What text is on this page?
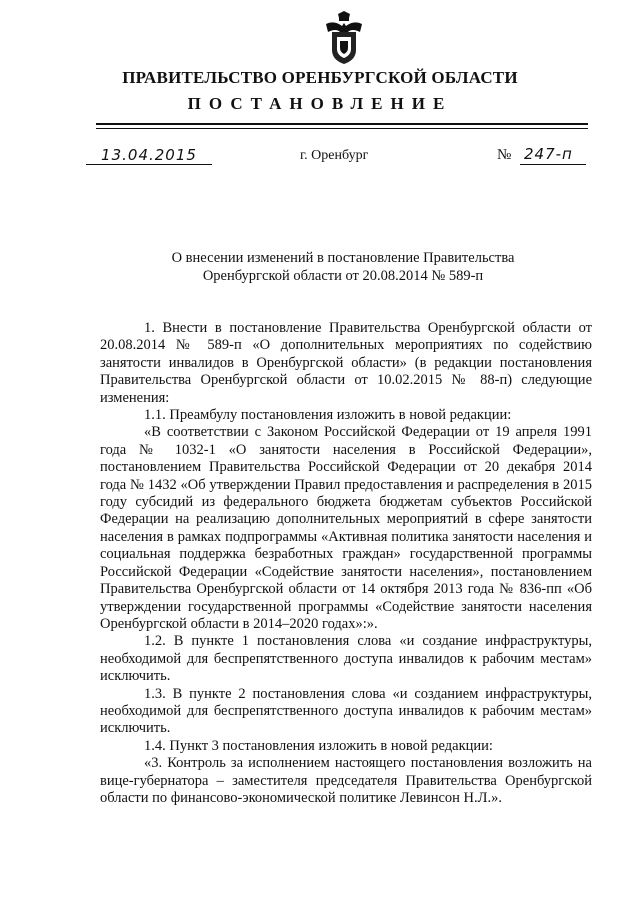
ПРАВИТЕЛЬСТВО ОРЕНБУРГСКОЙ ОБЛАСТИ
ПОСТАНОВЛЕНИЕ
13.04.2015	г. Оренбург	№ 247-п
О внесении изменений в постановление Правительства
Оренбургской области от 20.08.2014 № 589-п

1. Внести в постановление Правительства Оренбургской области от 20.08.2014 № 589-п «О дополнительных мероприятиях по содействию занятости инвалидов в Оренбургской области» (в редакции постановления Правительства Оренбургской области от 10.02.2015 № 88-п) следующие изменения:

1.1. Преамбулу постановления изложить в новой редакции:

«В соответствии с Законом Российской Федерации от 19 апреля 1991 года № 1032-1 «О занятости населения в Российской Федерации», постановлением Правительства Российской Федерации от 20 декабря 2014 года № 1432 «Об утверждении Правил предоставления и распределения в 2015 году субсидий из федерального бюджета бюджетам субъектов Российской Федерации на реализацию дополнительных мероприятий в сфере занятости населения в рамках подпрограммы «Активная политика занятости населения и социальная поддержка безработных граждан» государственной программы Российской Федерации «Содействие занятости населения», постановлением Правительства Оренбургской области от 14 октября 2013 года № 836-пп «Об утверждении государственной программы «Содействие занятости населения Оренбургской области в 2014–2020 годах»:».

1.2. В пункте 1 постановления слова «и создание инфраструктуры, необходимой для беспрепятственного доступа инвалидов к рабочим местам» исключить.

1.3. В пункте 2 постановления слова «и созданием инфраструктуры, необходимой для беспрепятственного доступа инвалидов к рабочим местам» исключить.

1.4. Пункт 3 постановления изложить в новой редакции:

«3. Контроль за исполнением настоящего постановления возложить на вице-губернатора – заместителя председателя Правительства Оренбургской области по финансово-экономической политике Левинсон Н.Л.».
